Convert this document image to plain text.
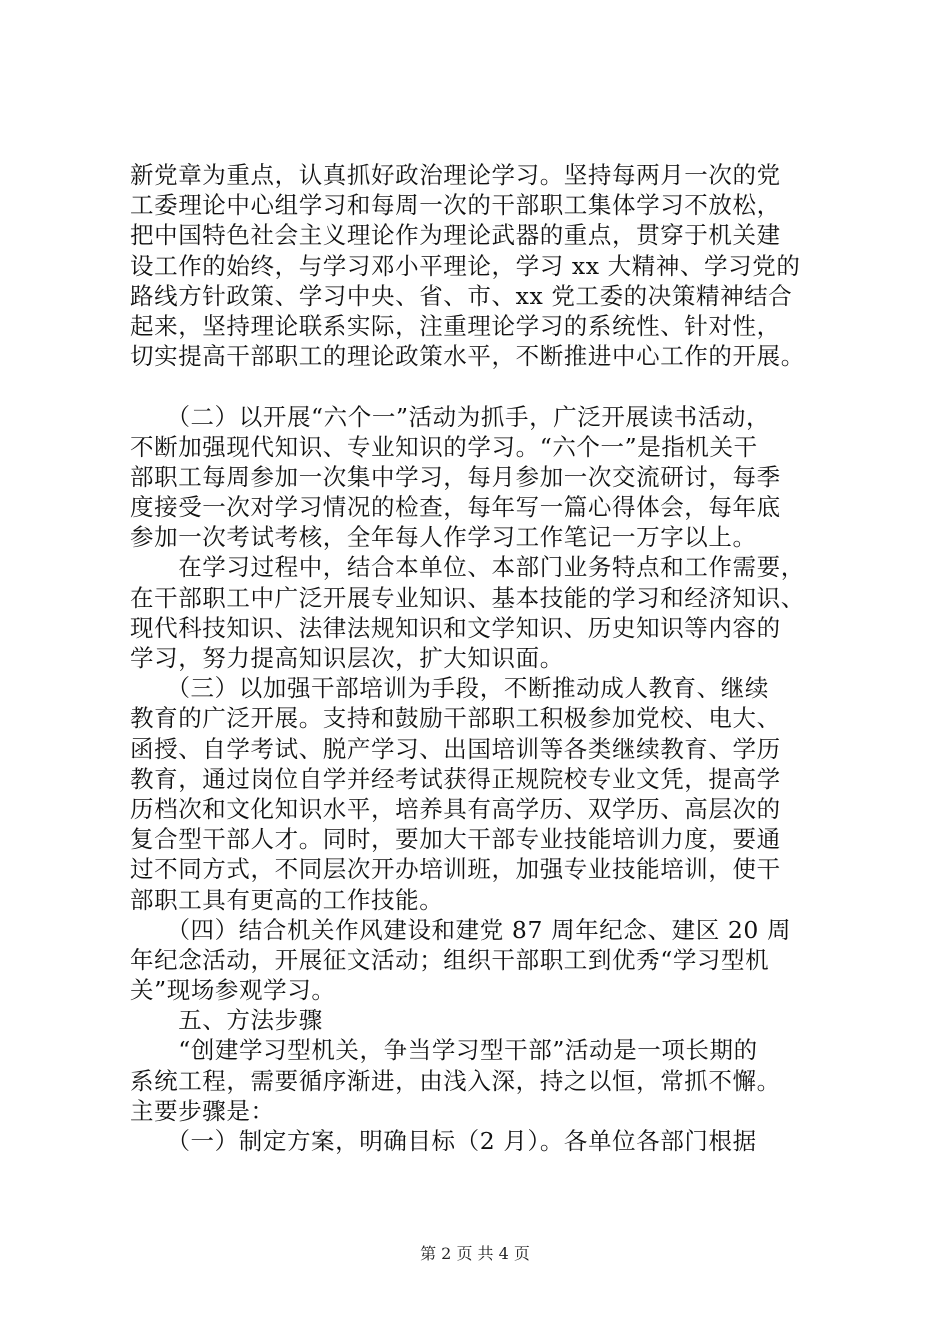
新党章为重点，认真抓好政治理论学习。坚持每两月一次的党
工委理论中心组学习和每周一次的干部职工集体学习不放松，
把中国特色社会主义理论作为理论武器的重点，贯穿于机关建
设工作的始终，与学习邓小平理论，学习 xx 大精神、学习党的
路线方针政策、学习中央、省、市、xx 党工委的决策精神结合
起来，坚持理论联系实际，注重理论学习的系统性、针对性，
切实提高干部职工的理论政策水平，不断推进中心工作的开展。
　　（二）以开展“六个一”活动为抓手，广泛开展读书活动，
不断加强现代知识、专业知识的学习。“六个一”是指机关干
部职工每周参加一次集中学习，每月参加一次交流研讨，每季
度接受一次对学习情况的检查，每年写一篇心得体会，每年底
参加一次考试考核，全年每人作学习工作笔记一万字以上。
　　在学习过程中，结合本单位、本部门业务特点和工作需要，
在干部职工中广泛开展专业知识、基本技能的学习和经济知识、
现代科技知识、法律法规知识和文学知识、历史知识等内容的
学习，努力提高知识层次，扩大知识面。
　　（三）以加强干部培训为手段，不断推动成人教育、继续
教育的广泛开展。支持和鼓励干部职工积极参加党校、电大、
函授、自学考试、脱产学习、出国培训等各类继续教育、学历
教育，通过岗位自学并经考试获得正规院校专业文凭，提高学
历档次和文化知识水平，培养具有高学历、双学历、高层次的
复合型干部人才。同时，要加大干部专业技能培训力度，要通
过不同方式，不同层次开办培训班，加强专业技能培训，使干
部职工具有更高的工作技能。
　　（四）结合机关作风建设和建党 87 周年纪念、建区 20 周
年纪念活动，开展征文活动；组织干部职工到优秀“学习型机
关”现场参观学习。
　　五、方法步骤
　　“创建学习型机关，争当学习型干部”活动是一项长期的
系统工程，需要循序渐进，由浅入深，持之以恒，常抓不懈。
主要步骤是：
　　（一）制定方案，明确目标（2 月）。各单位各部门根据
第 2 页 共 4 页
